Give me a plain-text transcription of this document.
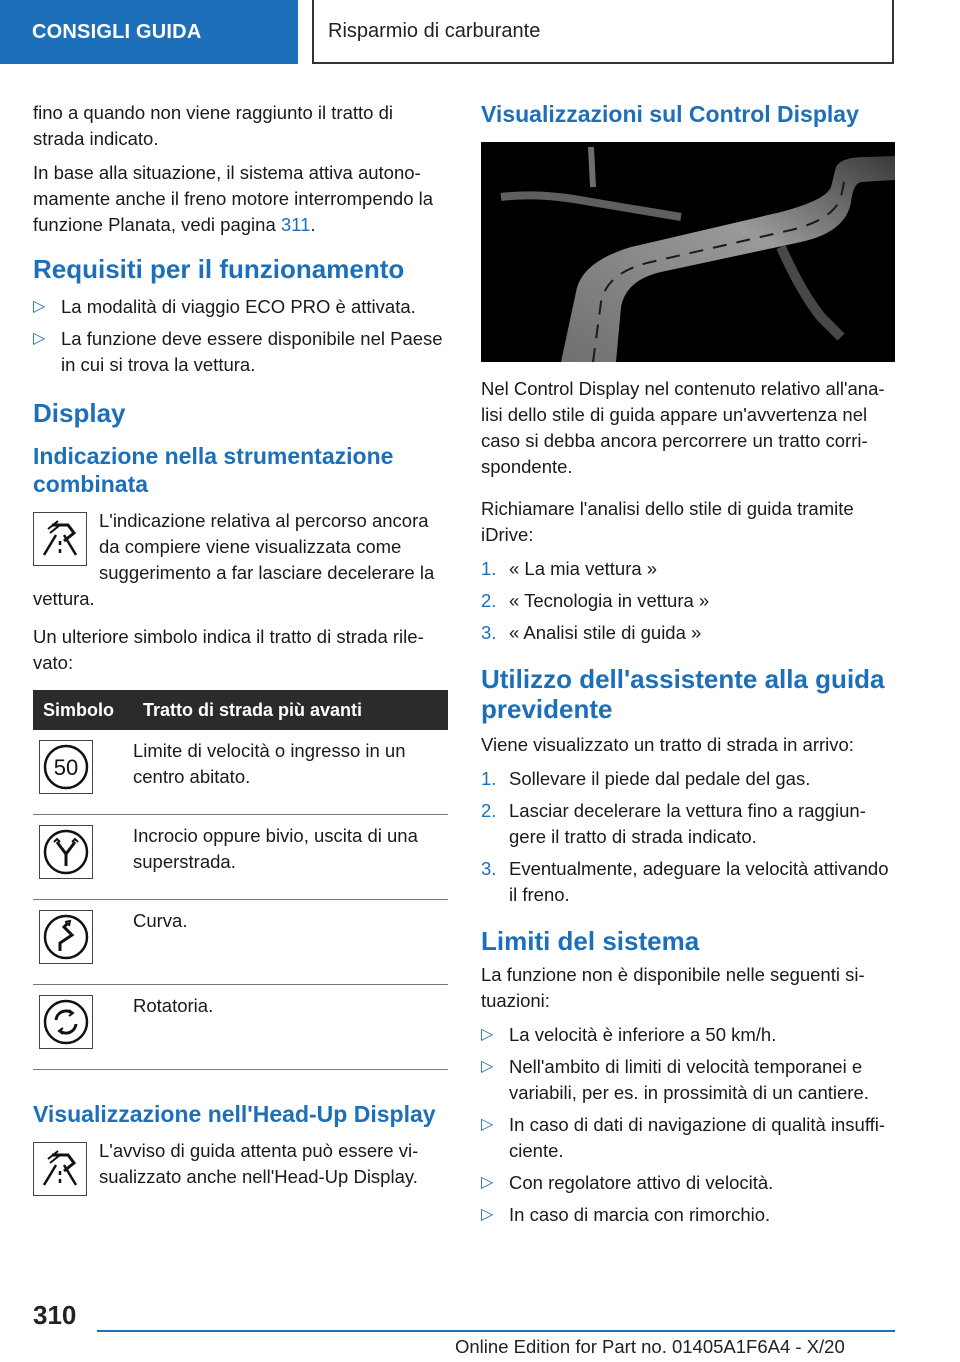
CONSIGLI GUIDA	Risparmio di carburante

fino a quando non viene raggiunto il tratto di strada indicato.

In base alla situazione, il sistema attiva autonomamente anche il freno motore interrompendo la funzione Planata, vedi pagina 311.

Requisiti per il funzionamento
▷ La modalità di viaggio ECO PRO è attivata.
▷ La funzione deve essere disponibile nel Paese in cui si trova la vettura.
Display
Indicazione nella strumentazione combinata

L'indicazione relativa al percorso ancora da compiere viene visualizzata come suggerimento a far lasciare decelerare la vettura.

Un ulteriore simbolo indica il tratto di strada rilevato:

Simbolo	Tratto di strada più avanti

50	Limite di velocità o ingresso in un centro abitato.

	Incrocio oppure bivio, uscita di una superstrada.

	Curva.

	Rotatoria.
Visualizzazione nell'Head-Up Display

L'avviso di guida attenta può essere visualizzato anche nell'Head-Up Display.

Visualizzazioni sul Control Display

Nel Control Display nel contenuto relativo all'analisi dello stile di guida appare un'avvertenza nel caso si debba ancora percorrere un tratto corrispondente.

Richiamare l'analisi dello stile di guida tramite iDrive:

1. « La mia vettura »
2. « Tecnologia in vettura »
3. « Analisi stile di guida »
Utilizzo dell'assistente alla guida previdente

Viene visualizzato un tratto di strada in arrivo:

1. Sollevare il piede dal pedale del gas.
2. Lasciar decelerare la vettura fino a raggiungere il tratto di strada indicato.
3. Eventualmente, adeguare la velocità attivando il freno.
Limiti del sistema

La funzione non è disponibile nelle seguenti situazioni:

▷ La velocità è inferiore a 50 km/h.
▷ Nell'ambito di limiti di velocità temporanei e variabili, per es. in prossimità di un cantiere.
▷ In caso di dati di navigazione di qualità insufficiente.
▷ Con regolatore attivo di velocità.
▷ In caso di marcia con rimorchio.
310
Online Edition for Part no. 01405A1F6A4 - X/20
